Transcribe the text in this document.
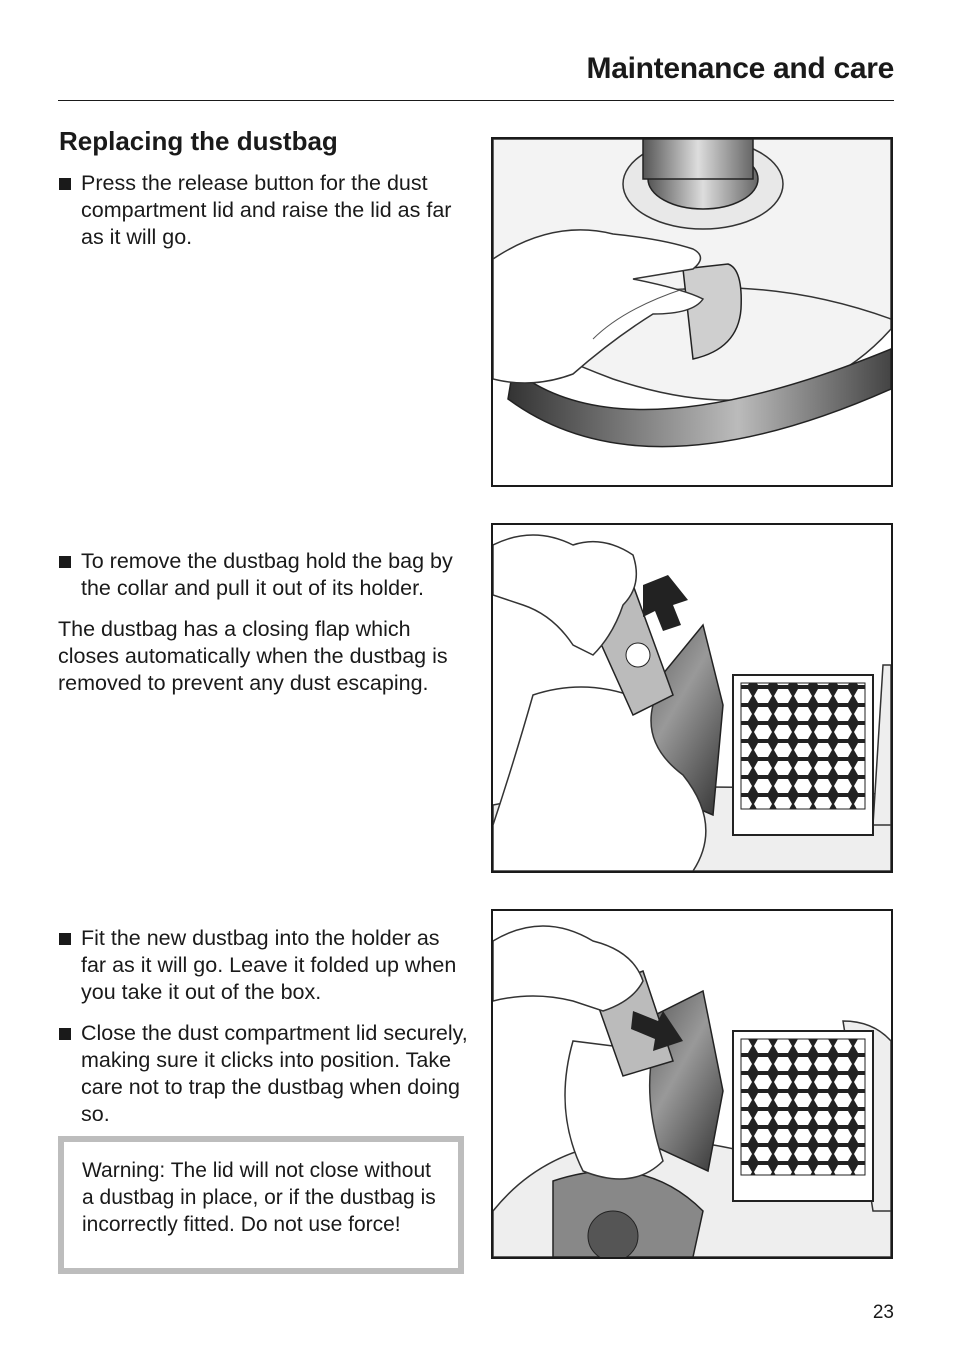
Maintenance and care
Replacing the dustbag
Press the release button for the dust compartment lid and raise the lid as far as it will go.
To remove the dustbag hold the bag by the collar and pull it out of its holder.

The dustbag has a closing flap which closes automatically when the dustbag is removed to prevent any dust escaping.

Fit the new dustbag into the holder as far as it will go. Leave it folded up when you take it out of the box.
Close the dust compartment lid securely, making sure it clicks into position. Take care not to trap the dustbag when doing so.
Warning: The lid will not close without a dustbag in place, or if the dustbag is incorrectly fitted. Do not use force!
23
